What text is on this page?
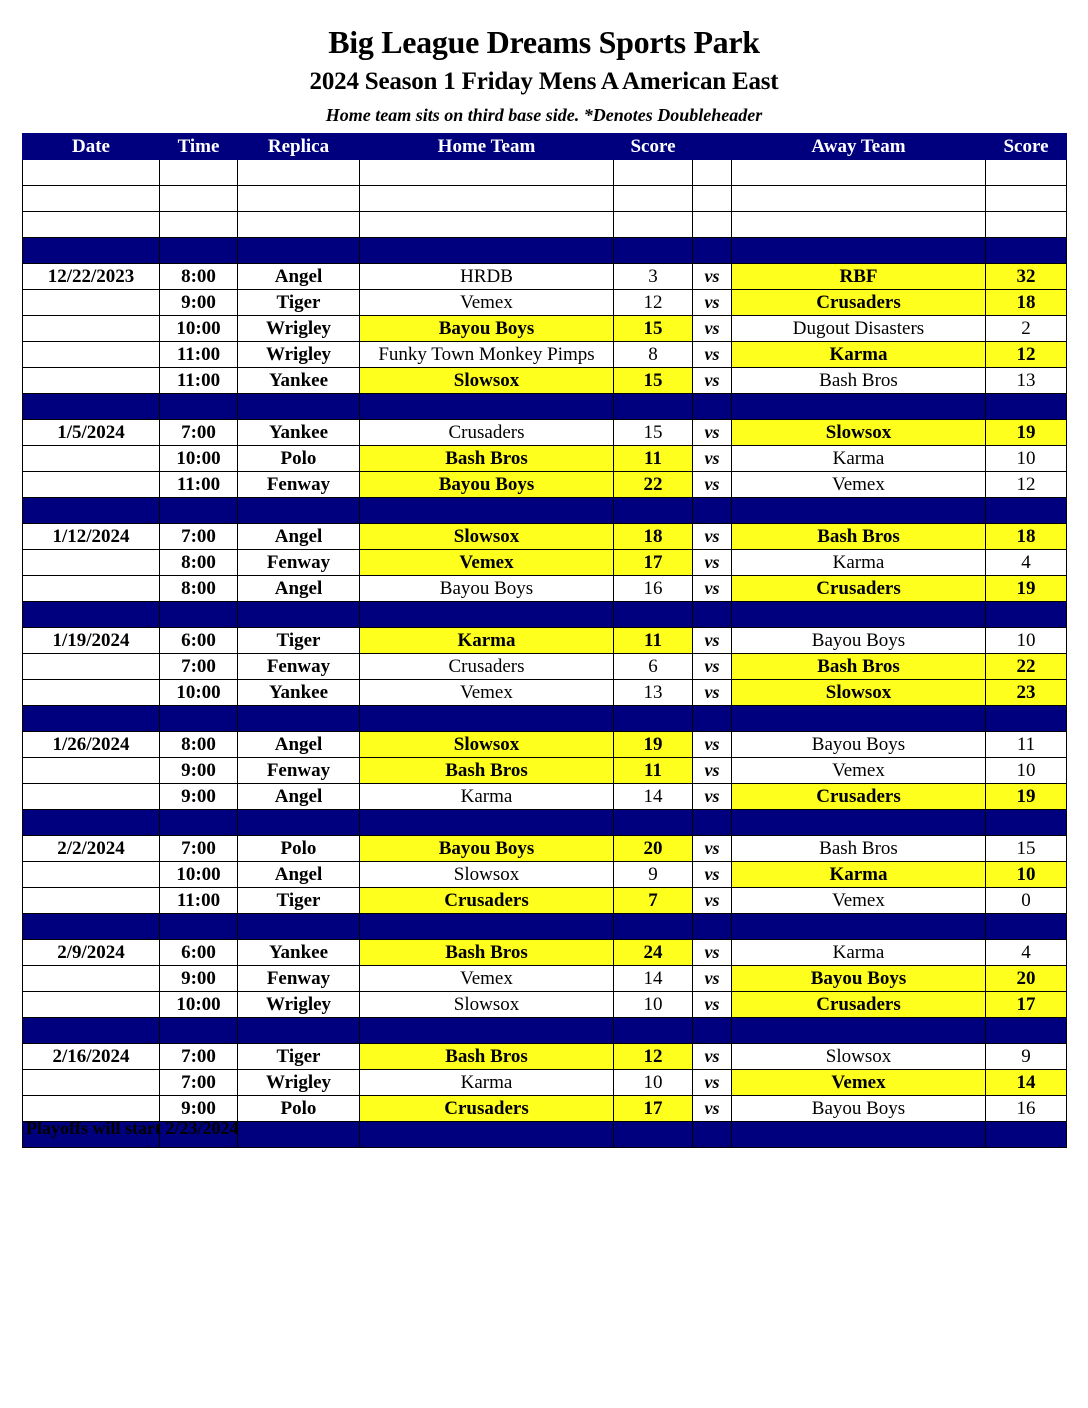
Big League Dreams Sports Park
2024 Season 1 Friday Mens A American East
Home team sits on third base side. *Denotes Doubleheader
Date	Time	Replica	Home Team	Score		Away Team	Score

12/22/2023	8:00	Angel	HRDB	3	vs	RBF	32
	9:00	Tiger	Vemex	12	vs	Crusaders	18
	10:00	Wrigley	Bayou Boys	15	vs	Dugout Disasters	2
	11:00	Wrigley	Funky Town Monkey Pimps	8	vs	Karma	12
	11:00	Yankee	Slowsox	15	vs	Bash Bros	13

1/5/2024	7:00	Yankee	Crusaders	15	vs	Slowsox	19
	10:00	Polo	Bash Bros	11	vs	Karma	10
	11:00	Fenway	Bayou Boys	22	vs	Vemex	12

1/12/2024	7:00	Angel	Slowsox	18	vs	Bash Bros	18
	8:00	Fenway	Vemex	17	vs	Karma	4
	8:00	Angel	Bayou Boys	16	vs	Crusaders	19

1/19/2024	6:00	Tiger	Karma	11	vs	Bayou Boys	10
	7:00	Fenway	Crusaders	6	vs	Bash Bros	22
	10:00	Yankee	Vemex	13	vs	Slowsox	23

1/26/2024	8:00	Angel	Slowsox	19	vs	Bayou Boys	11
	9:00	Fenway	Bash Bros	11	vs	Vemex	10
	9:00	Angel	Karma	14	vs	Crusaders	19

2/2/2024	7:00	Polo	Bayou Boys	20	vs	Bash Bros	15
	10:00	Angel	Slowsox	9	vs	Karma	10
	11:00	Tiger	Crusaders	7	vs	Vemex	0

2/9/2024	6:00	Yankee	Bash Bros	24	vs	Karma	4
	9:00	Fenway	Vemex	14	vs	Bayou Boys	20
	10:00	Wrigley	Slowsox	10	vs	Crusaders	17

2/16/2024	7:00	Tiger	Bash Bros	12	vs	Slowsox	9
	7:00	Wrigley	Karma	10	vs	Vemex	14
	9:00	Polo	Crusaders	17	vs	Bayou Boys	16

Playoffs will start 2/23/2024
